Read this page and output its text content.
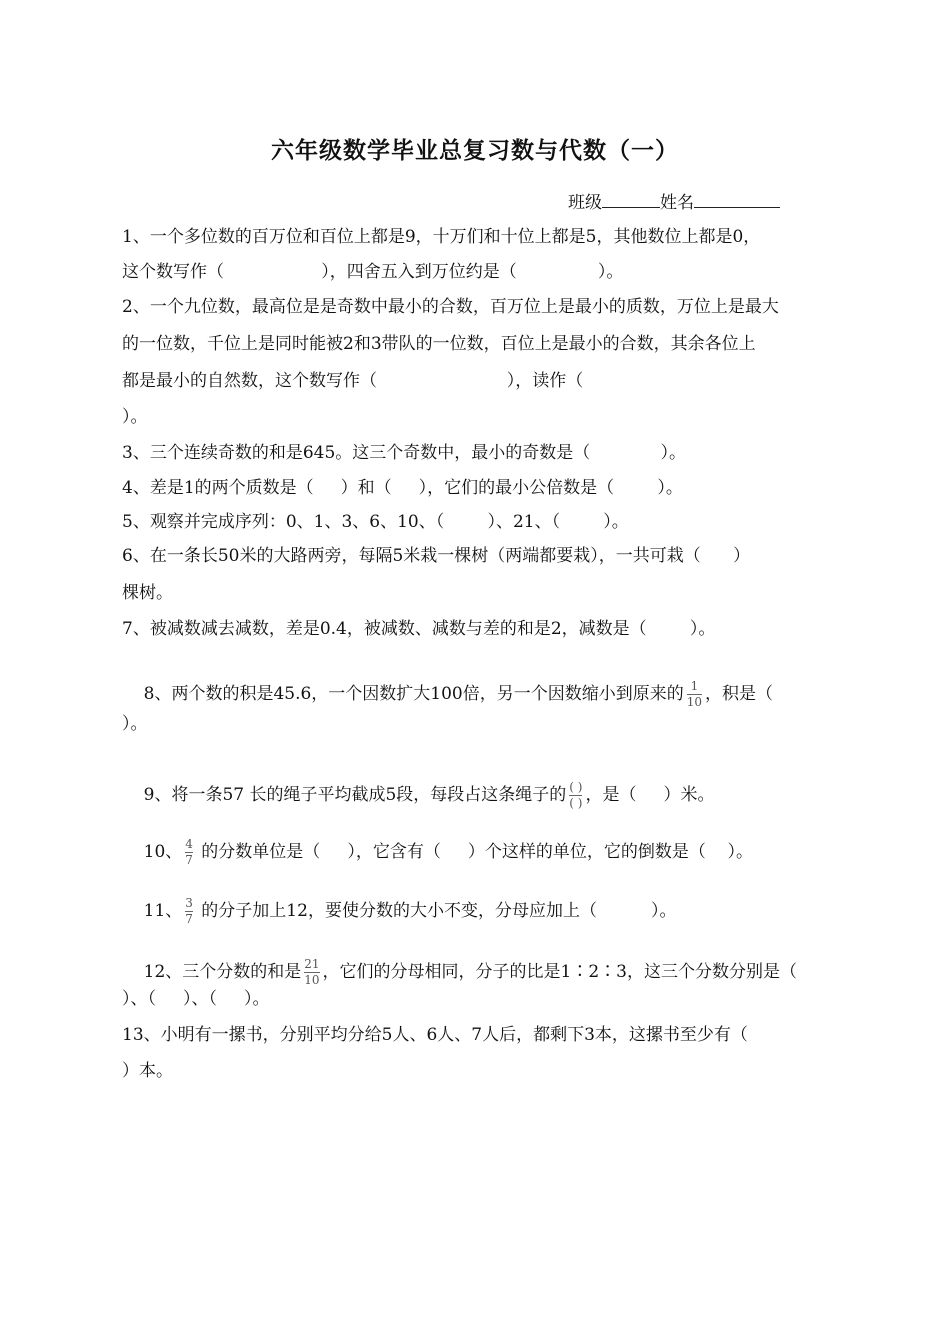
六年级数学毕业总复习数与代数（一）
班级	姓名
1、一个多位数的百万位和百位上都是9，十万们和十位上都是5，其他数位上都是0，
这个数写作（                  ），四舍五入到万位约是（               ）。
2、一个九位数，最高位是是奇数中最小的合数，百万位上是最小的质数，万位上是最大
的一位数，千位上是同时能被2和3带队的一位数，百位上是最小的合数，其余各位上
都是最小的自然数，这个数写作（                        ），读作（
）。
3、三个连续奇数的和是645。这三个奇数中，最小的奇数是（             ）。
4、差是1的两个质数是（     ）和（     ），它们的最小公倍数是（        ）。
5、观察并完成序列：0、1、3、6、10、（        ）、21、（        ）。
6、在一条长50米的大路两旁，每隔5米栽一棵树（两端都要栽），一共可栽（      ）
棵树。
7、被减数减去减数，差是0.4，被减数、减数与差的和是2，减数是（        ）。

8、两个数的积是45.6，一个因数扩大100倍，另一个因数缩小到原来的 $\frac{1}{10}$ ，积是（

）。

9、将一条57 长的绳子平均截成5段，每段占这条绳子的 $\frac{( )}{( )}$ ，是（     ）米。

10、 $\frac{4}{7}$ 的分数单位是（     ），它含有（     ）个这样的单位，它的倒数是（    ）。

11、 $\frac{3}{7}$ 的分子加上12，要使分数的大小不变，分母应加上（          ）。

12、三个分数的和是 $\frac{21}{10}$ ，它们的分母相同，分子的比是1∶2∶3，这三个分数分别是（

）、（     ）、（     ）。
13、小明有一摞书，分别平均分给5人、6人、7人后，都剩下3本，这摞书至少有（
）本。
